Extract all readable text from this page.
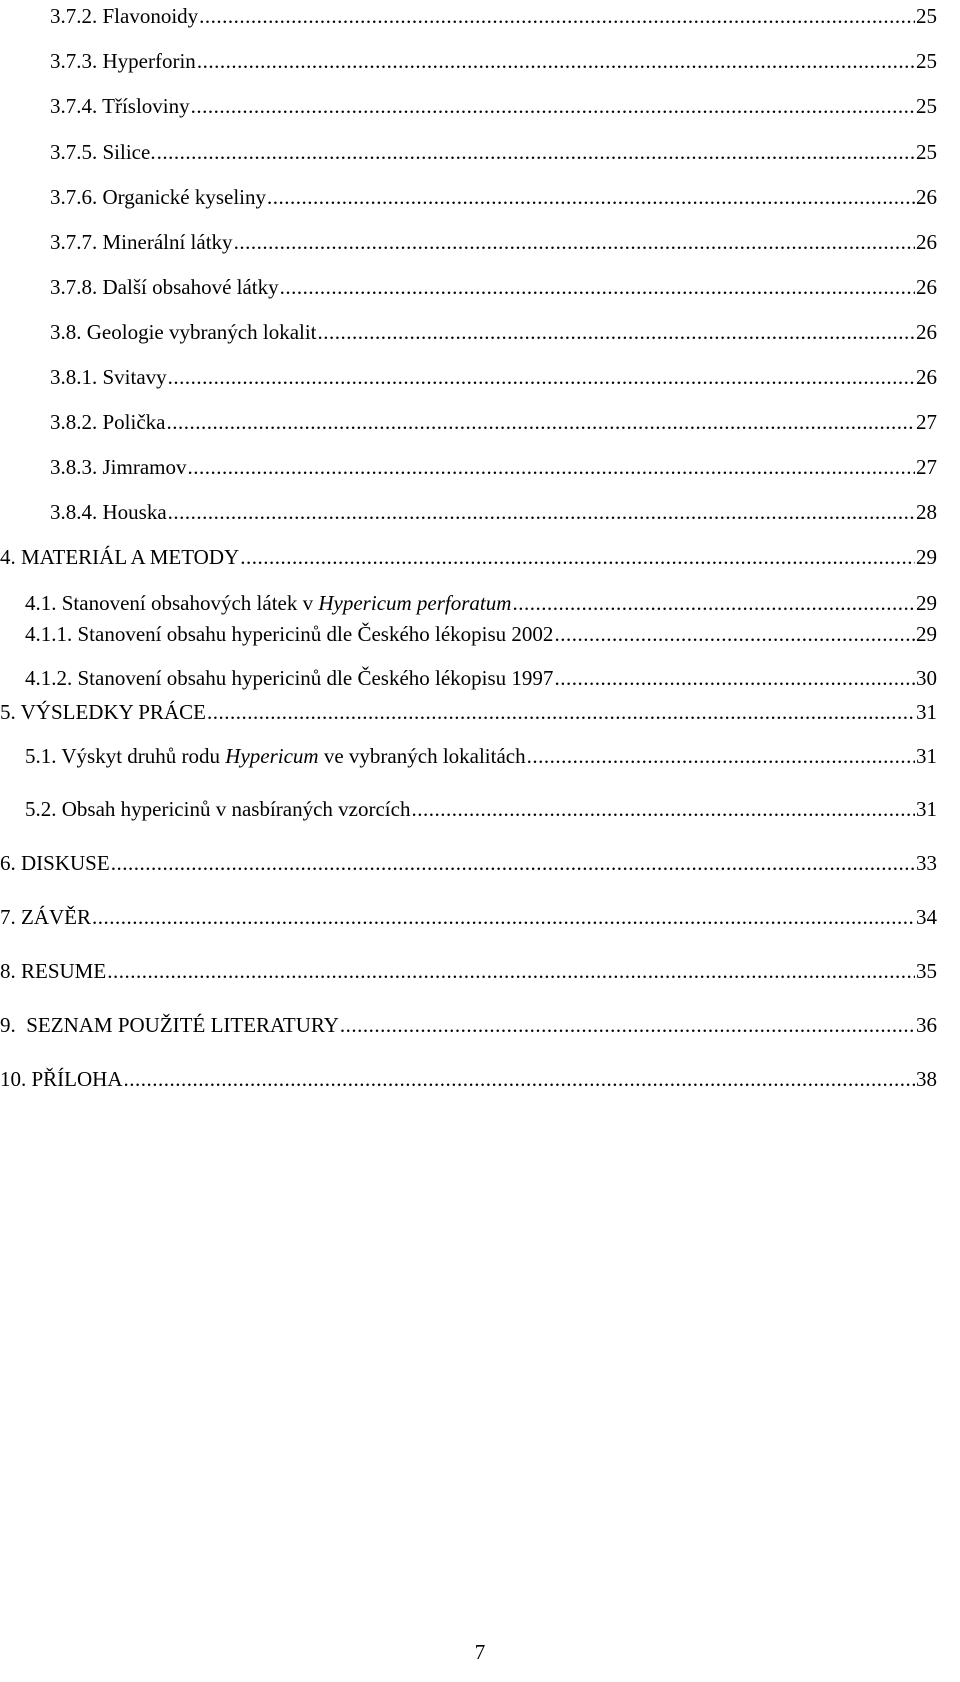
3.7.2. Flavonoidy .....	25
3.7.3. Hyperforin .....	25
3.7.4. Třísloviny .....	25
3.7.5. Silice. .....	25
3.7.6. Organické kyseliny .....	26
3.7.7. Minerální látky .....	26
3.7.8. Další obsahové látky .....	26
3.8. Geologie vybraných lokalit .....	26
3.8.1. Svitavy .....	26
3.8.2. Polička .....	27
3.8.3. Jimramov .....	27
3.8.4. Houska .....	28
4. MATERIÁL A METODY .....	29
4.1. Stanovení obsahových látek v Hypericum perforatum .....	29
4.1.1. Stanovení obsahu hypericinů dle Českého lékopisu 2002 .....	29
4.1.2. Stanovení obsahu hypericinů dle Českého lékopisu 1997 .....	30
5. VÝSLEDKY PRÁCE .....	31
5.1. Výskyt druhů rodu Hypericum ve vybraných lokalitách .....	31
5.2. Obsah hypericinů v nasbíraných vzorcích .....	31
6. DISKUSE .....	33
7. ZÁVĚR .....	34
8. RESUME .....	35
9.  SEZNAM POUŽITÉ LITERATURY .....	36
10. PŘÍLOHA .....	38
7
